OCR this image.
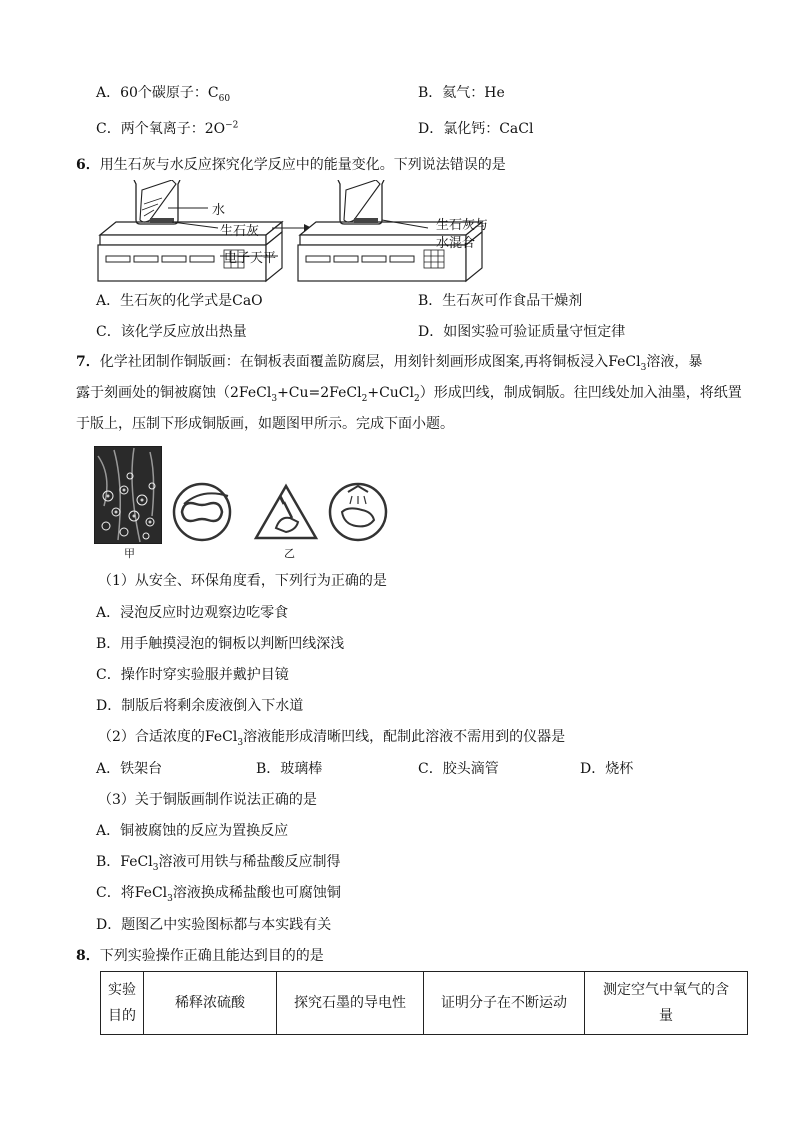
A．60个碳原子：$C_{60}$	B．氦气：He
C．两个氧离子：$2O^{-2}$	D．氯化钙：CaCl
6．用生石灰与水反应探究化学反应中的能量变化。下列说法错误的是
水
生石灰
电子天平
生石灰与
水混合
A．生石灰的化学式是CaO	B．生石灰可作食品干燥剂
C．该化学反应放出热量	D．如图实验可验证质量守恒定律
7．化学社团制作铜版画：在铜板表面覆盖防腐层，用刻针刻画形成图案,再将铜板浸入FeCl$_3$溶液，暴
露于刻画处的铜被腐蚀（2FeCl$_3$+Cu=2FeCl$_2$+CuCl$_2$）形成凹线，制成铜版。往凹线处加入油墨，将纸置
于版上，压制下形成铜版画，如题图甲所示。完成下面小题。
甲	乙
（1）从安全、环保角度看，下列行为正确的是
A．浸泡反应时边观察边吃零食
B．用手触摸浸泡的铜板以判断凹线深浅
C．操作时穿实验服并戴护目镜
D．制版后将剩余废液倒入下水道
（2）合适浓度的FeCl$_3$溶液能形成清晰凹线，配制此溶液不需用到的仪器是
A．铁架台	B．玻璃棒	C．胶头滴管	D．烧杯
（3）关于铜版画制作说法正确的是
A．铜被腐蚀的反应为置换反应
B．FeCl$_3$溶液可用铁与稀盐酸反应制得
C．将FeCl$_3$溶液换成稀盐酸也可腐蚀铜
D．题图乙中实验图标都与本实践有关
8．下列实验操作正确且能达到目的的是
实验
目的	稀释浓硫酸	探究石墨的导电性	证明分子在不断运动	测定空气中氧气的含
量
